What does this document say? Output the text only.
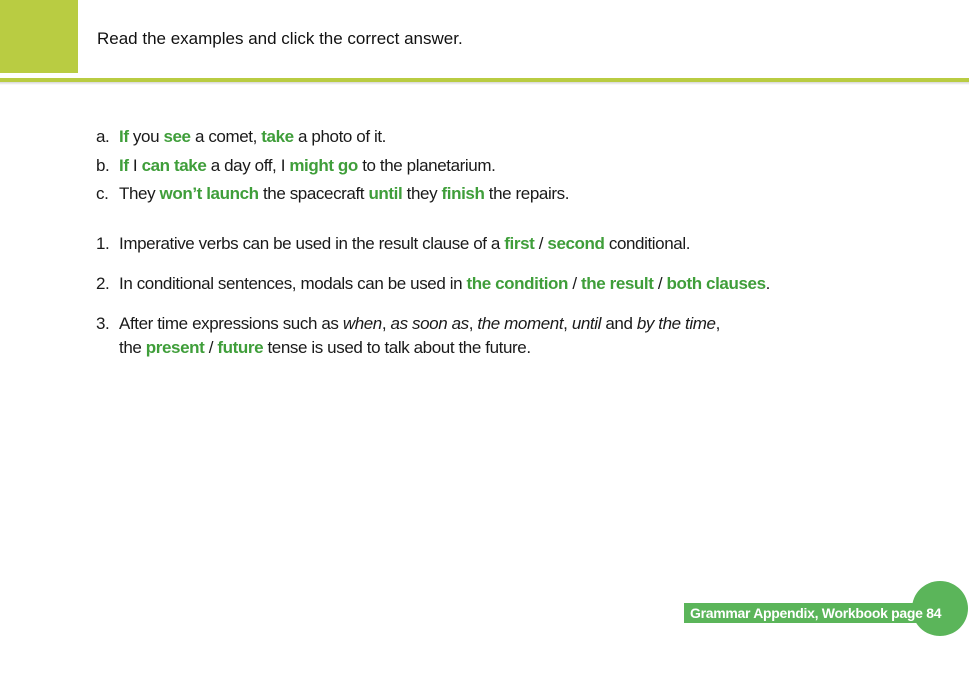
Read the examples and click the correct answer.
a. If you see a comet, take a photo of it.
b. If I can take a day off, I might go to the planetarium.
c. They won’t launch the spacecraft until they finish the repairs.
1. Imperative verbs can be used in the result clause of a first / second conditional.
2. In conditional sentences, modals can be used in the condition / the result / both clauses.
3. After time expressions such as when, as soon as, the moment, until and by the time,
the present / future tense is used to talk about the future.
Grammar Appendix, Workbook page 84
